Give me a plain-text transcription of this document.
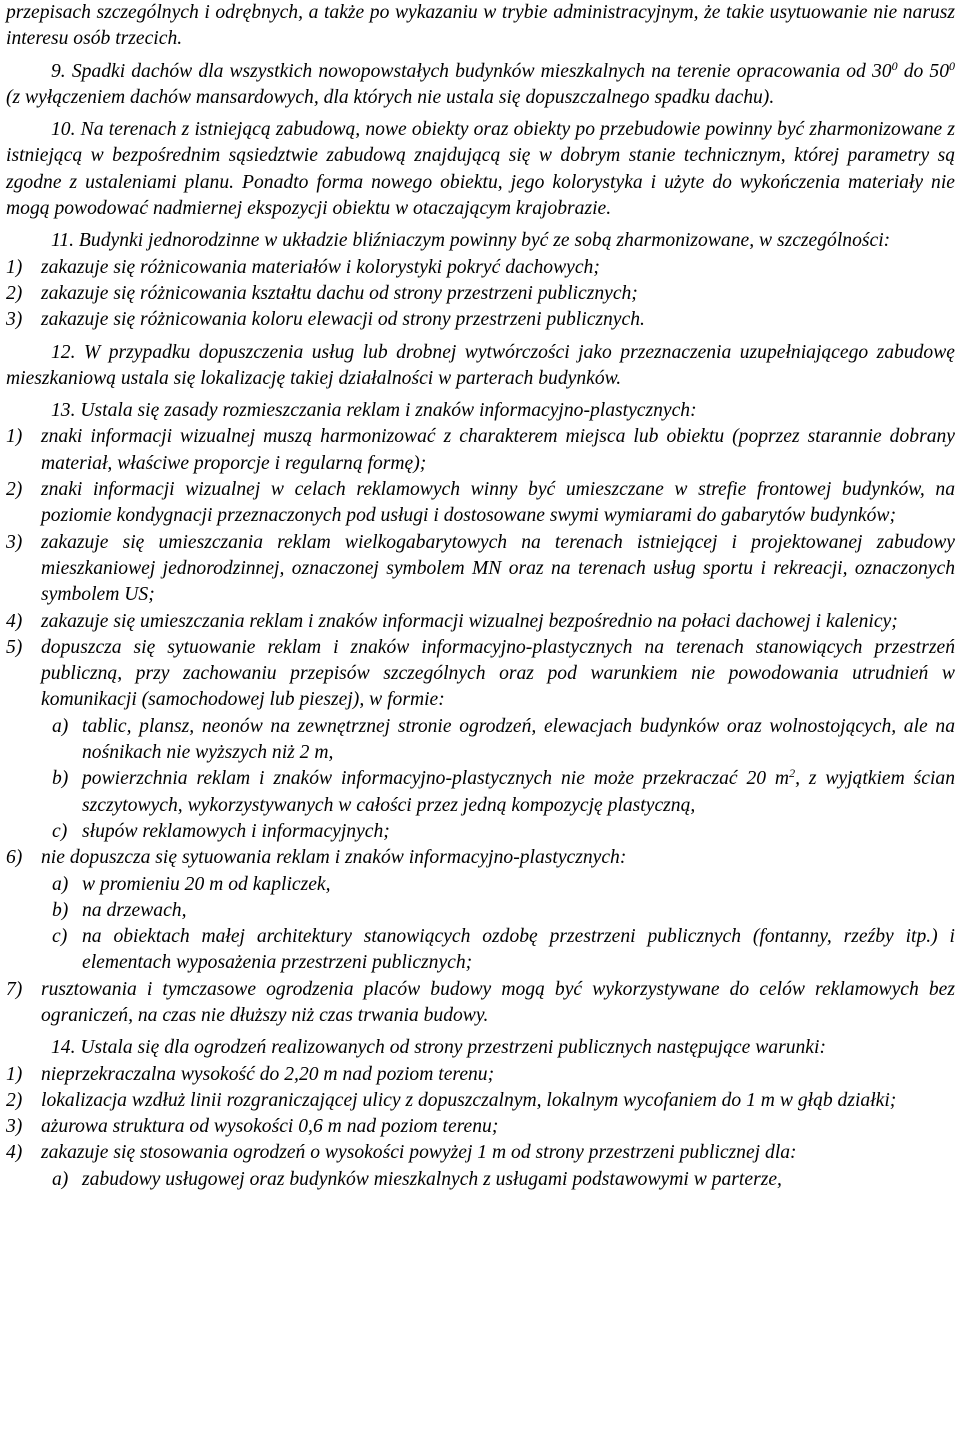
przepisach szczególnych i odrębnych, a także po wykazaniu w trybie administracyjnym, że takie usytuowanie nie narusz interesu osób trzecich.

9. Spadki dachów dla wszystkich nowopowstałych budynków mieszkalnych na terenie opracowania od $30^0$ do $50^0$ (z wyłączeniem dachów mansardowych, dla których nie ustala się dopuszczalnego spadku dachu).

10. Na terenach z istniejącą zabudową, nowe obiekty oraz obiekty po przebudowie powinny być zharmonizowane z istniejącą w bezpośrednim sąsiedztwie zabudową znajdującą się w dobrym stanie technicznym, której parametry są zgodne z ustaleniami planu. Ponadto forma nowego obiektu, jego kolorystyka i użyte do wykończenia materiały nie mogą powodować nadmiernej ekspozycji obiektu w otaczającym krajobrazie.

11. Budynki jednorodzinne w układzie bliźniaczym powinny być ze sobą zharmonizowane, w szczególności:

1) zakazuje się różnicowania materiałów i kolorystyki pokryć dachowych;
2) zakazuje się różnicowania kształtu dachu od strony przestrzeni publicznych;
3) zakazuje się różnicowania koloru elewacji od strony przestrzeni publicznych.

12. W przypadku dopuszczenia usług lub drobnej wytwórczości jako przeznaczenia uzupełniającego zabudowę mieszkaniową ustala się lokalizację takiej działalności w parterach budynków.

13. Ustala się zasady rozmieszczania reklam i znaków informacyjno-plastycznych:

1) znaki informacji wizualnej muszą harmonizować z charakterem miejsca lub obiektu (poprzez starannie dobrany materiał, właściwe proporcje i regularną formę);
2) znaki informacji wizualnej w celach reklamowych winny być umieszczane w strefie frontowej budynków, na poziomie kondygnacji przeznaczonych pod usługi i dostosowane swymi wymiarami do gabarytów budynków;
3) zakazuje się umieszczania reklam wielkogabarytowych na terenach istniejącej i projektowanej zabudowy mieszkaniowej jednorodzinnej, oznaczonej symbolem MN oraz na terenach usług sportu i rekreacji, oznaczonych symbolem US;
4) zakazuje się umieszczania reklam i znaków informacji wizualnej bezpośrednio na połaci dachowej i kalenicy;
5) dopuszcza się sytuowanie reklam i znaków informacyjno-plastycznych na terenach stanowiących przestrzeń publiczną, przy zachowaniu przepisów szczególnych oraz pod warunkiem nie powodowania utrudnień w komunikacji (samochodowej lub pieszej), w formie:
a) tablic, plansz, neonów na zewnętrznej stronie ogrodzeń, elewacjach budynków oraz wolnostojących, ale na nośnikach nie wyższych niż 2 m,
b) powierzchnia reklam i znaków informacyjno-plastycznych nie może przekraczać 20 $m^2$, z wyjątkiem ścian szczytowych, wykorzystywanych w całości przez jedną kompozycję plastyczną,
c) słupów reklamowych i informacyjnych;
6) nie dopuszcza się sytuowania reklam i znaków informacyjno-plastycznych:
a) w promieniu 20 m od kapliczek,
b) na drzewach,
c) na obiektach małej architektury stanowiących ozdobę przestrzeni publicznych (fontanny, rzeźby itp.) i elementach wyposażenia przestrzeni publicznych;
7) rusztowania i tymczasowe ogrodzenia placów budowy mogą być wykorzystywane do celów reklamowych bez ograniczeń, na czas nie dłuższy niż czas trwania budowy.

14. Ustala się dla ogrodzeń realizowanych od strony przestrzeni publicznych następujące warunki:

1) nieprzekraczalna wysokość do 2,20 m nad poziom terenu;
2) lokalizacja wzdłuż linii rozgraniczającej ulicy z dopuszczalnym, lokalnym wycofaniem do 1 m w głąb działki;
3) ażurowa struktura od wysokości 0,6 m nad poziom terenu;
4) zakazuje się stosowania ogrodzeń o wysokości powyżej 1 m od strony przestrzeni publicznej dla:
a) zabudowy usługowej oraz budynków mieszkalnych z usługami podstawowymi w parterze,
